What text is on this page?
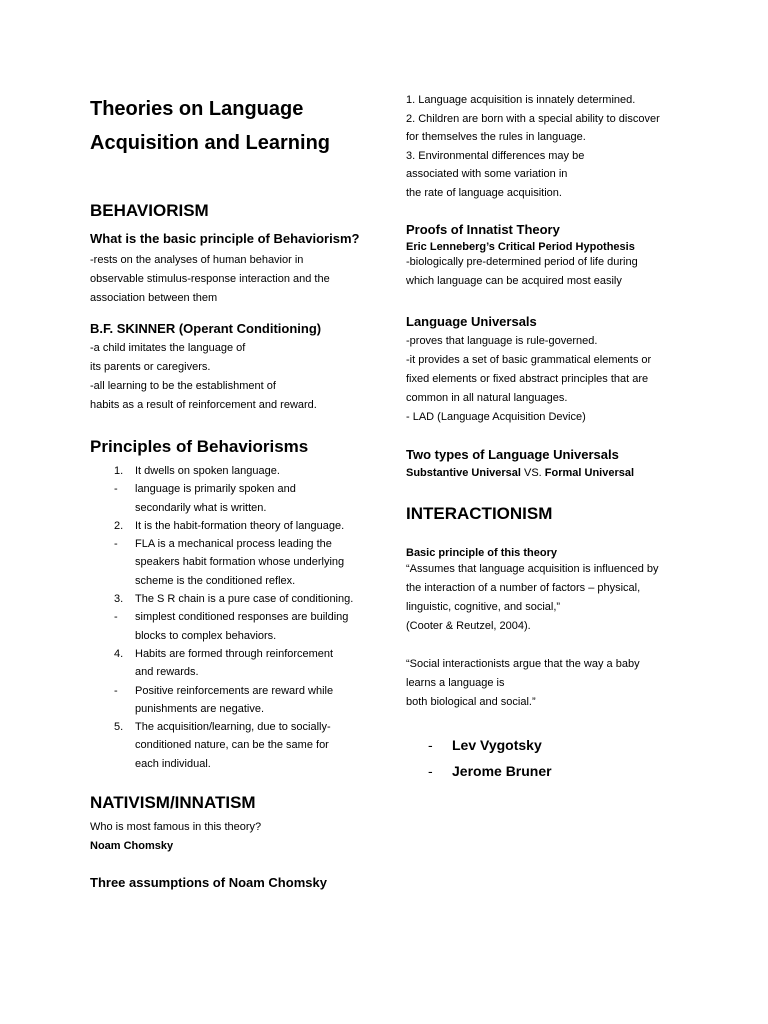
Theories on Language
Acquisition and Learning
BEHAVIORISM
What is the basic principle of Behaviorism?

-rests on the analyses of human behavior in
observable stimulus-response interaction and the
association between them

B.F. SKINNER (Operant Conditioning)

-a child imitates the language of
its parents or caregivers.
-all learning to be the establishment of
habits as a result of reinforcement and reward.

Principles of Behaviorisms
1. It dwells on spoken language.
- language is primarily spoken and
secondarily what is written.
2. It is the habit-formation theory of language.
- FLA is a mechanical process leading the
speakers habit formation whose underlying
scheme is the conditioned reflex.
3. The S R chain is a pure case of conditioning.
- simplest conditioned responses are building
blocks to complex behaviors.
4. Habits are formed through reinforcement
and rewards.
- Positive reinforcements are reward while
punishments are negative.
5. The acquisition/learning, due to socially-
conditioned nature, can be the same for
each individual.
NATIVISM/INNATISM

Who is most famous in this theory?

Noam Chomsky

Three assumptions of Noam Chomsky

1. Language acquisition is innately determined.
2. Children are born with a special ability to discover
for themselves the rules in language.
3. Environmental differences may be
associated with some variation in
the rate of language acquisition.

Proofs of Innatist Theory

Eric Lenneberg’s Critical Period Hypothesis

-biologically pre-determined period of life during
which language can be acquired most easily

Language Universals

-proves that language is rule-governed.
-it provides a set of basic grammatical elements or
fixed elements or fixed abstract principles that are
common in all natural languages.
- LAD (Language Acquisition Device)

Two types of Language Universals

Substantive Universal VS. Formal Universal

INTERACTIONISM

Basic principle of this theory

“Assumes that language acquisition is influenced by
the interaction of a number of factors – physical,
linguistic, cognitive, and social,”
(Cooter & Reutzel, 2004).

“Social interactionists argue that the way a baby
learns a language is
both biological and social.”

- Lev Vygotsky
- Jerome Bruner
